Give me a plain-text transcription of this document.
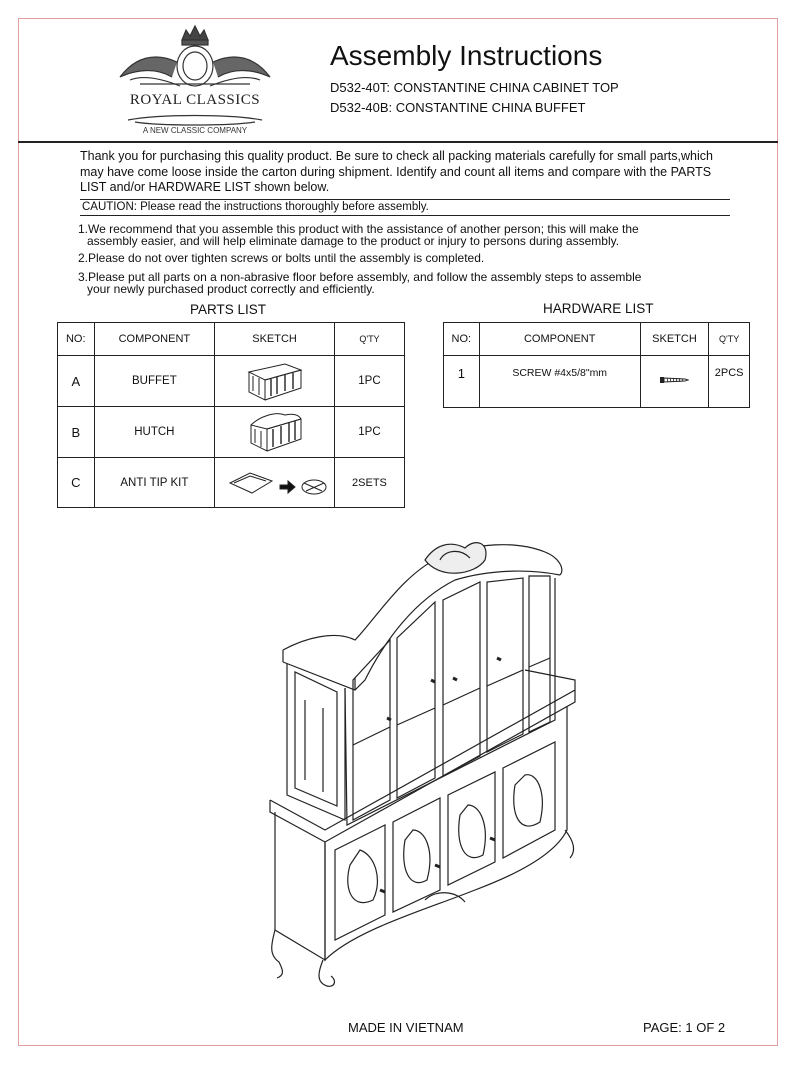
ROYAL CLASSICS
A NEW CLASSIC COMPANY
Assembly Instructions
D532-40T: CONSTANTINE CHINA CABINET TOP
D532-40B: CONSTANTINE CHINA BUFFET
Thank you for purchasing this quality product. Be sure to check all packing materials carefully for small parts,which may have come loose inside the carton during shipment. Identify and count all items and compare with the PARTS LIST and/or HARDWARE LIST shown below.
CAUTION: Please read the instructions thoroughly before assembly.
1.We recommend that you assemble this product with the assistance of another person; this will make the
assembly easier, and will help eliminate damage to the product or injury to persons during assembly.
2.Please do not over tighten screws or bolts until the assembly is completed.
3.Please put all parts on a non-abrasive floor before assembly, and follow the assembly steps to assemble
your newly purchased product correctly and efficiently.
PARTS LIST	HARDWARE LIST
NO:	COMPONENT	SKETCH	Q'TY
A	BUFFET		1PC
B	HUTCH		1PC
C	ANTI TIP KIT		2SETS
NO:	COMPONENT	SKETCH	Q'TY
1	SCREW #4x5/8"mm		2PCS
MADE IN VIETNAM	PAGE: 1 OF 2
